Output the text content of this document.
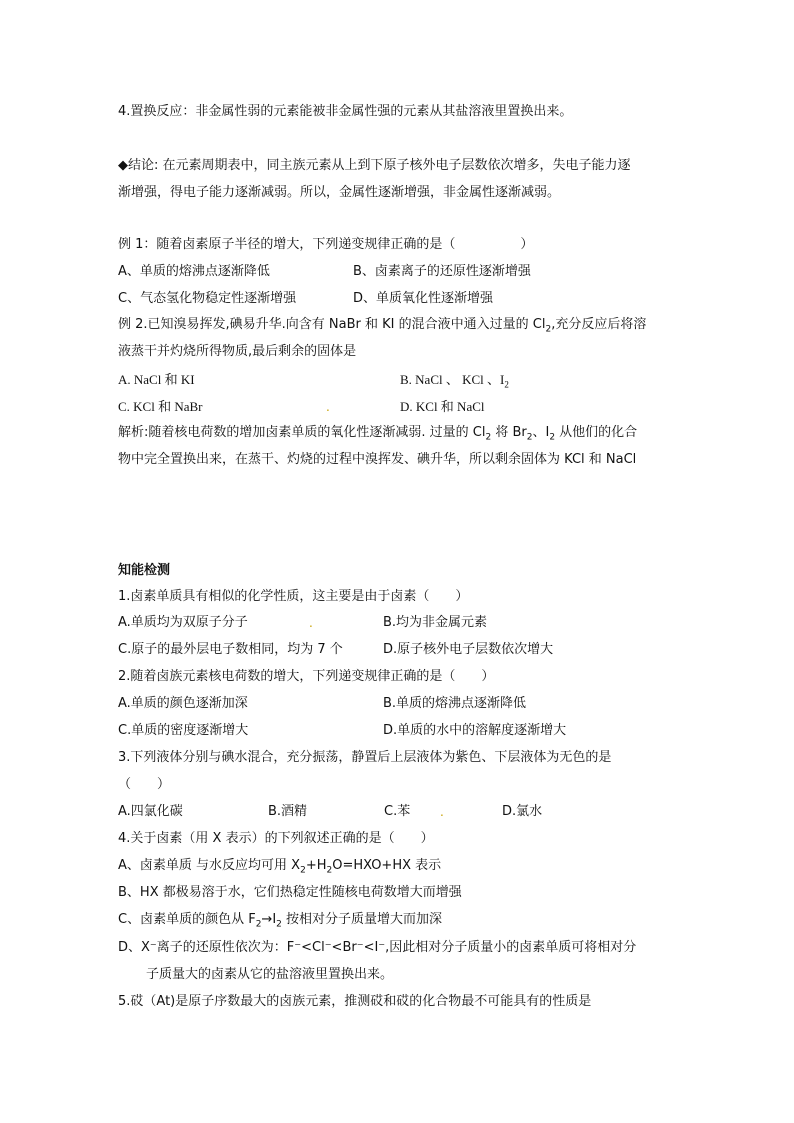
4.置换反应：非金属性弱的元素能被非金属性强的元素从其盐溶液里置换出来。
◆结论: 在元素周期表中，同主族元素从上到下原子核外电子层数依次增多，失电子能力逐
渐增强，得电子能力逐渐减弱。所以，金属性逐渐增强，非金属性逐渐减弱。
例 1：随着卤素原子半径的增大，下列递变规律正确的是（　　　　　）
A、单质的熔沸点逐渐降低	B、卤素离子的还原性逐渐增强
C、气态氢化物稳定性逐渐增强	D、单质氧化性逐渐增强
例 2.已知溴易挥发,碘易升华.向含有 NaBr 和 KI 的混合液中通入过量的 $Cl_2$,充分反应后将溶
液蒸干并灼烧所得物质,最后剩余的固体是
A. NaCl 和 KI	B. NaCl 、 KCl 、$I_2$
C. KCl 和 NaBr	.	D. KCl 和 NaCl
解析:随着核电荷数的增加卤素单质的氧化性逐渐减弱. 过量的 $Cl_2$ 将 $Br_2$、$I_2$ 从他们的化合
物中完全置换出来，在蒸干、灼烧的过程中溴挥发、碘升华，所以剩余固体为 KCl 和 NaCl
知能检测
1.卤素单质具有相似的化学性质，这主要是由于卤素（　　）
A.单质均为双原子分子	.	B.均为非金属元素
C.原子的最外层电子数相同，均为 7 个	D.原子核外电子层数依次增大
2.随着卤族元素核电荷数的增大，下列递变规律正确的是（　　）
A.单质的颜色逐渐加深	B.单质的熔沸点逐渐降低
C.单质的密度逐渐增大	D.单质的水中的溶解度逐渐增大
3.下列液体分别与碘水混合，充分振荡，静置后上层液体为紫色、下层液体为无色的是
（　　）
A.四氯化碳	B.酒精	C.苯 .	D.氯水
4.关于卤素（用 X 表示）的下列叙述正确的是（　　）
A、卤素单质 与水反应均可用 $X_2+H_2O=HXO+HX$ 表示
B、HX 都极易溶于水，它们热稳定性随核电荷数增大而增强
C、卤素单质的颜色从 $F_2\to I_2$ 按相对分子质量增大而加深
D、X⁻离子的还原性依次为：F⁻<Cl⁻<Br⁻<I⁻,因此相对分子质量小的卤素单质可将相对分
子质量大的卤素从它的盐溶液里置换出来。
5.砹（At)是原子序数最大的卤族元素，推测砹和砹的化合物最不可能具有的性质是
